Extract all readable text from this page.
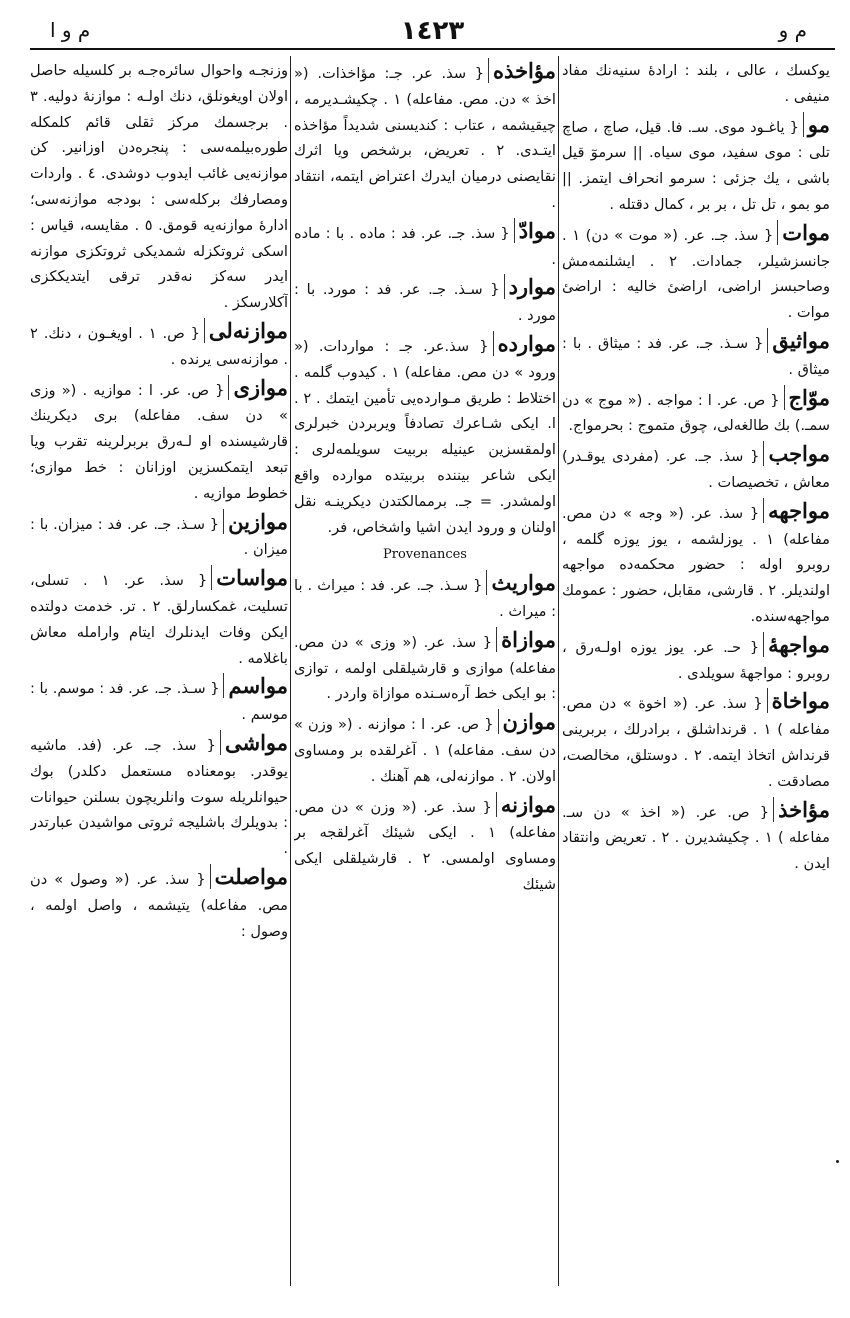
م و ا	١٤٢٣	م و
یوکسك ، عالی ، بلند : ارادهٔ سنیه‌نك مفاد منیفی .
مو{ یاغـود موی. سـ. فا. قیل، صاچ ، صاچ تلی : موی سفید، موی سیاه. || سرموٓ قیل باشی ، یك جزئی : سرمو انحراف ایتمز. || مو بمو ، تل تل ، بر بر ، کمال دقتله .
موات{ سذ. جـ. عر. (« موت » دن) ١ . جانسزشیلر، جمادات. ٢ . ایشلنمه‌مش وصاحبسز اراضی، اراضیٔ خالیه : اراضیٔ موات .
مواثیق{ سـذ. جـ. عر. فد : میثاق . با : میثاق .
موّاج{ ص. عر. ا : مواجه . (« موج » دن سمـ.) بك طالغه‌لی، چوق متموج : بحرمواج.
مواجب{ سذ. جـ. عر. (مفردی یوقـدر) معاش ، تخصیصات .
مواجهه{ سذ. عر. (« وجه » دن مص. مفاعله) ١ . یوزلشمه ، یوز یوزه گلمه ، روبرو اوله : حضور محکمه‌ده مواجهه اولندیلر. ٢ . قارشی، مقابل، حضور : عمومك مواجهه‌سنده.
مواجههٔ{ حـ. عر. یوز یوزه اولـه‌رق ، روبرو : مواجههٔ سویلدی .
مواخاة{ سذ. عر. (« اخوة » دن مص. مفاعله ) ١ . قرنداشلق ، برادرلك ، بربرینی قرنداش اتخاذ ایتمه. ٢ . دوستلق، مخالصت، مصادقت .
مؤاخذ{ ص. عر. (« اخذ » دن سـ. مفاعله ) ١ . چکیشدیرن . ٢ . تعریض وانتقاد ایدن .
مؤاخذه{ سذ. عر. جـ: مؤاخذات. (« اخذ » دن. مص. مفاعله) ١ . چکیشـدیرمه ، چیقیشمه ، عتاب : کندیسنی شدیداً مؤاخذه ایتـدی. ٢ . تعریض، برشخص ویا اثرك نقایصنی درمیان ایدرك اعتراض ایتمه، انتقاد .
موادّ{ سذ. جـ. عر. فد : ماده . با : ماده .
موارد{ سـذ. جـ. عر. فد : مورد. با : مورد .
موارده{ سذ.عر. جـ : مواردات. (« ورود » دن مص. مفاعله) ١ . کیدوب گلمه . اختلاط : طریق مـوارده‌یی تأمین ایتمك . ٢ . ا. ایکی شـاعرك تصادفاً ویربردن خبرلری اولمقسزین عینیله بربیت سویلمه‌لری : ایکی شاعر بیننده بربیتده موارده واقع اولمشدر. = جـ. برممالکتدن دیکرینـه نقل اولنان و ورود ایدن اشیا واشخاص، فر.
Provenances
مواریث{ سـذ. جـ. عر. فد : میراث . با : میراث .
موازاة{ سذ. عر. (« وزی » دن مص. مفاعله) موازی و قارشیلقلی اولمه ، توازی : بو ایکی خط آره‌سـنده موازاة واردر .
موازن{ ص. عر. ا : موازنه . (« وزن » دن سف. مفاعله) ١ . آغرلقده بر ومساوی اولان. ٢ . موازنه‌لی، هم آهنك .
موازنه{ سذ. عر. (« وزن » دن مص. مفاعله) ١ . ایکی شیئك آغرلقجه بر ومساوی اولمسی. ٢ . قارشیلقلی ایکی شیئك
وزنجـه واحوال سائره‌جـه بر کلسیله حاصل اولان اویغونلق، دنك اولـه : موازنهٔ دولیه. ٣ . برجسمك مرکز ثقلی قائم کلمکله طوره‌بیلمه‌سی : پنجره‌دن اوزانیر. کن موازنه‌یی غائب ایدوب دوشدی. ٤ . واردات ومصارفك برکله‌سی : بودجه موازنه‌سی؛ ادارهٔ موازنه‌یه قومق. ٥ . مقایسه، قیاس : اسکی ثروتکزله شمدیکی ثروتکزی موازنه ایدر سه‌کز نه‌قدر ترقی ایتدیککزی آکلارسکز .
موازنه‌لی{ ص. ١ . اویغـون ، دنك. ٢ . موازنه‌سی یرنده .
موازی{ ص. عر. ا : موازیه . (« وزی » دن سف. مفاعله) بری دیکرینك قارشیسنده او لـه‌رق بربرلرینه تقرب ویا تبعد ایتمکسزین اوزانان : خط موازی؛ خطوط موازیه .
موازین{ سـذ. جـ. عر. فد : میزان. با : میزان .
مواسات{ سذ. عر. ١ . تسلی، تسلیت، غمکسارلق. ٢ . تر. خدمت دولتده ایکن وفات ایدنلرك ایتام وارامله معاش باغلامه .
مواسم{ سـذ. جـ. عر. فد : موسم. با : موسم .
مواشی{ سذ. جـ. عر. (فد. ماشیه یوقدر. بومعناده مستعمل دکلدر) بوك حیوانلریله سوت وانلریچون بسلنن حیوانات : بدویلرك باشلیجه ثروتی مواشیدن عبارتدر .
مواصلت{ سذ. عر. (« وصول » دن مص. مفاعله) یتیشمه ، واصل اولمه ، وصول :
